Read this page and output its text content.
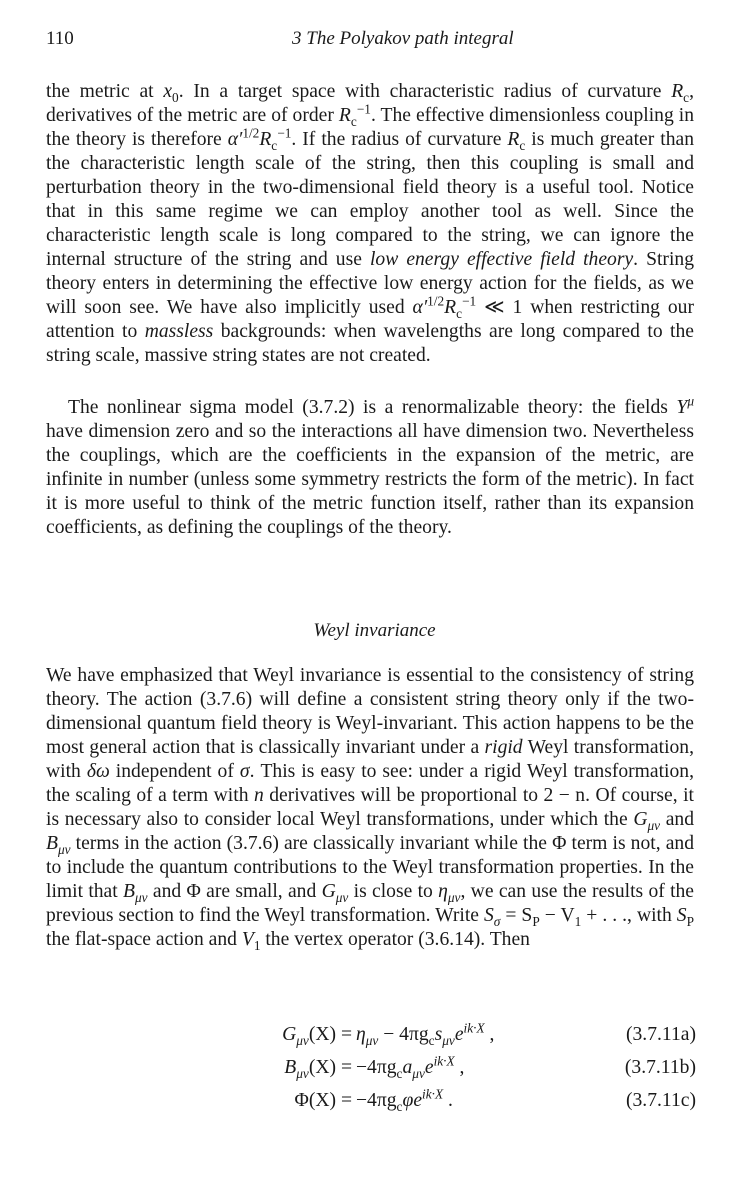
110	3 The Polyakov path integral

the metric at $x_0$. In a target space with characteristic radius of curvature $R_c$, derivatives of the metric are of order $R_c^{-1}$. The effective dimensionless coupling in the theory is therefore $\alpha'^{1/2}R_c^{-1}$. If the radius of curvature $R_c$ is much greater than the characteristic length scale of the string, then this coupling is small and perturbation theory in the two-dimensional field theory is a useful tool. Notice that in this same regime we can employ another tool as well. Since the characteristic length scale is long compared to the string, we can ignore the internal structure of the string and use low energy effective field theory. String theory enters in determining the effective low energy action for the fields, as we will soon see. We have also implicitly used $\alpha'^{1/2}R_c^{-1}$ ≪ 1 when restricting our attention to massless backgrounds: when wavelengths are long compared to the string scale, massive string states are not created.

The nonlinear sigma model (3.7.2) is a renormalizable theory: the fields $Y^\mu$ have dimension zero and so the interactions all have dimension two. Nevertheless the couplings, which are the coefficients in the expansion of the metric, are infinite in number (unless some symmetry restricts the form of the metric). In fact it is more useful to think of the metric function itself, rather than its expansion coefficients, as defining the couplings of the theory.

Weyl invariance

We have emphasized that Weyl invariance is essential to the consistency of string theory. The action (3.7.6) will define a consistent string theory only if the two-dimensional quantum field theory is Weyl-invariant. This action happens to be the most general action that is classically invariant under a rigid Weyl transformation, with δω independent of σ. This is easy to see: under a rigid Weyl transformation, the scaling of a term with n derivatives will be proportional to 2 − n. Of course, it is necessary also to consider local Weyl transformations, under which the $G_{\mu\nu}$ and $B_{\mu\nu}$ terms in the action (3.7.6) are classically invariant while the Φ term is not, and to include the quantum contributions to the Weyl transformation properties. In the limit that $B_{\mu\nu}$ and Φ are small, and $G_{\mu\nu}$ is close to $\eta_{\mu\nu}$, we can use the results of the previous section to find the Weyl transformation. Write $S_\sigma = S_P - V_1$ + . . ., with $S_P$ the flat-space action and $V_1$ the vertex operator (3.6.14). Then

$G_{\mu\nu}(X) = \eta_{\mu\nu} - 4\pi g_cs_{\mu\nu}e^{ik\cdot X}$ ,	(3.7.11a)
$B_{\mu\nu}(X) = -4\pi g_ca_{\mu\nu}e^{ik\cdot X}$ ,	(3.7.11b)
$\Phi(X) = -4\pi g_c\varphi e^{ik\cdot X}$ .	(3.7.11c)
